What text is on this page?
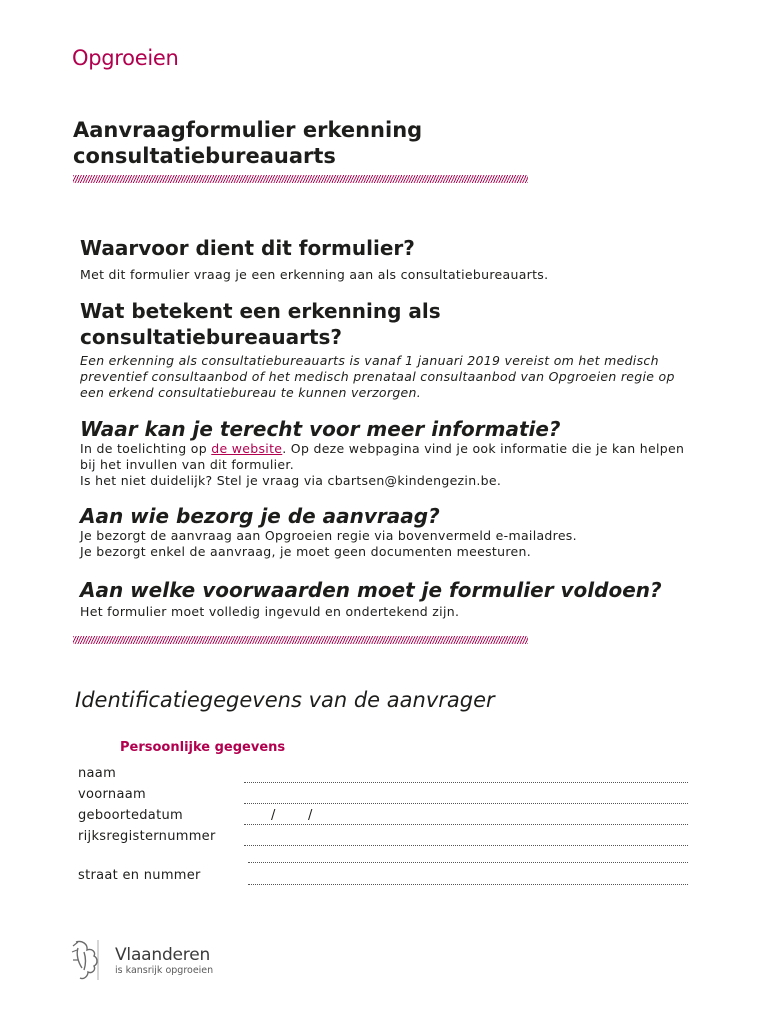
Opgroeien
Aanvraagformulier erkenning consultatiebureauarts
Waarvoor dient dit formulier?
Met dit formulier vraag je een erkenning aan als consultatiebureauarts.
Wat betekent een erkenning als consultatiebureauarts?
Een erkenning als consultatiebureauarts is vanaf 1 januari 2019 vereist om het medisch preventief consultaanbod of het medisch prenataal consultaanbod van Opgroeien regie op een erkend consultatiebureau te kunnen verzorgen.
Waar kan je terecht voor meer informatie?
In de toelichting op de website. Op deze webpagina vind je ook informatie die je kan helpen bij het invullen van dit formulier.
Is het niet duidelijk? Stel je vraag via cbartsen@kindengezin.be.
Aan wie bezorg je de aanvraag?
Je bezorgt de aanvraag aan Opgroeien regie via bovenvermeld e-mailadres.
Je bezorgt enkel de aanvraag, je moet geen documenten meesturen.
Aan welke voorwaarden moet je formulier voldoen?
Het formulier moet volledig ingevuld en ondertekend zijn.
Identificatiegegevens van de aanvrager
Persoonlijke gegevens
naam
voornaam
geboortedatum	/	/
rijksregisternummer
straat en nummer
Vlaanderen
is kansrijk opgroeien
